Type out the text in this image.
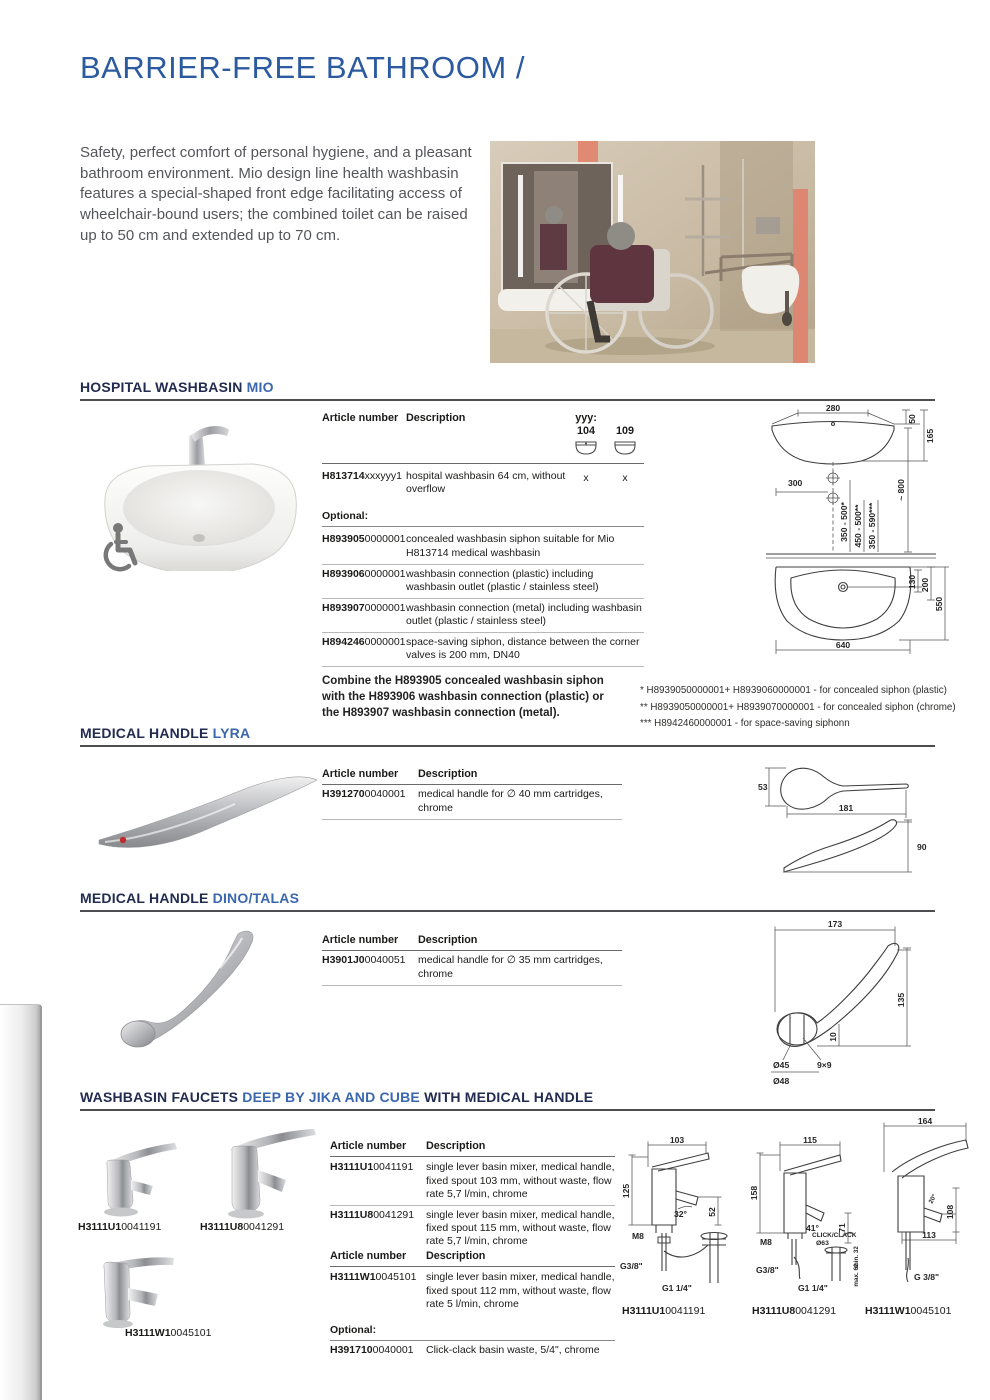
BARRIER-FREE BATHROOM /
Safety, perfect comfort of personal hygiene, and a pleasant bathroom environment. Mio design line health washbasin features a special-shaped front edge facilitating access of wheelchair-bound users; the combined toilet can be raised up to 50 cm and extended up to 70 cm.
HOSPITAL WASHBASIN MIO
Article number Description	yyy:
104	109
H813714xxxyyy1 hospital washbasin 64 cm, without overflow
x	x
Optional:
H8939050000001 concealed washbasin siphon suitable for Mio H813714 medical washbasin
H8939060000001 washbasin connection (plastic) including washbasin outlet (plastic / stainless steel)
H8939070000001 washbasin connection (metal) including washbasin outlet (plastic / stainless steel)
H8942460000001 space-saving siphon, distance between the corner valves is 200 mm, DN40
280
50
165
300
350 - 500* 450 - 500** 350 - 590***
~ 800
130 200
550
640
Combine the H893905 concealed washbasin siphon with the H893906 washbasin connection (plastic) or the H893907 washbasin connection (metal).
* H8939050000001+ H8939060000001 - for concealed siphon (plastic)
** H8939050000001+ H8939070000001 - for concealed siphon (chrome)
*** H8942460000001 - for space-saving siphonn
MEDICAL HANDLE LYRA
Article number	Description
H3912700040001	medical handle for ∅ 40 mm cartridges, chrome
53
181
90
MEDICAL HANDLE DINO/TALAS
Article number	Description
H3901J00040051	medical handle for ∅ 35 mm cartridges, chrome
173
135
10
Ø45	9×9
Ø48
WASHBASIN FAUCETS DEEP BY JIKA AND CUBE WITH MEDICAL HANDLE
H3111U10041191	H3111U80041291
H3111W10045101
Article number	Description
H3111U10041191	single lever basin mixer, medical handle, fixed spout 103 mm, without waste, flow rate 5,7 l/min, chrome
H3111U80041291	single lever basin mixer, medical handle, fixed spout 115 mm, without waste, flow rate 5,7 l/min, chrome
Article number	Description
H3111W10045101 single lever basin mixer, medical handle, fixed spout 112 mm, without waste, flow rate 5 l/min, chrome
Optional:
H3917100040001	Click-clack basin waste, 5/4", chrome
103
125
52
32°
M8
G3/8"
G1 1/4"
115
158
71
41°
M8
G3/8"
CLICK/CLACK
Ø63
min. 32
max. 62
G1 1/4"
164
20°
108
113
G 3/8"
H3111U10041191	H3111U80041291	H3111W10045101
